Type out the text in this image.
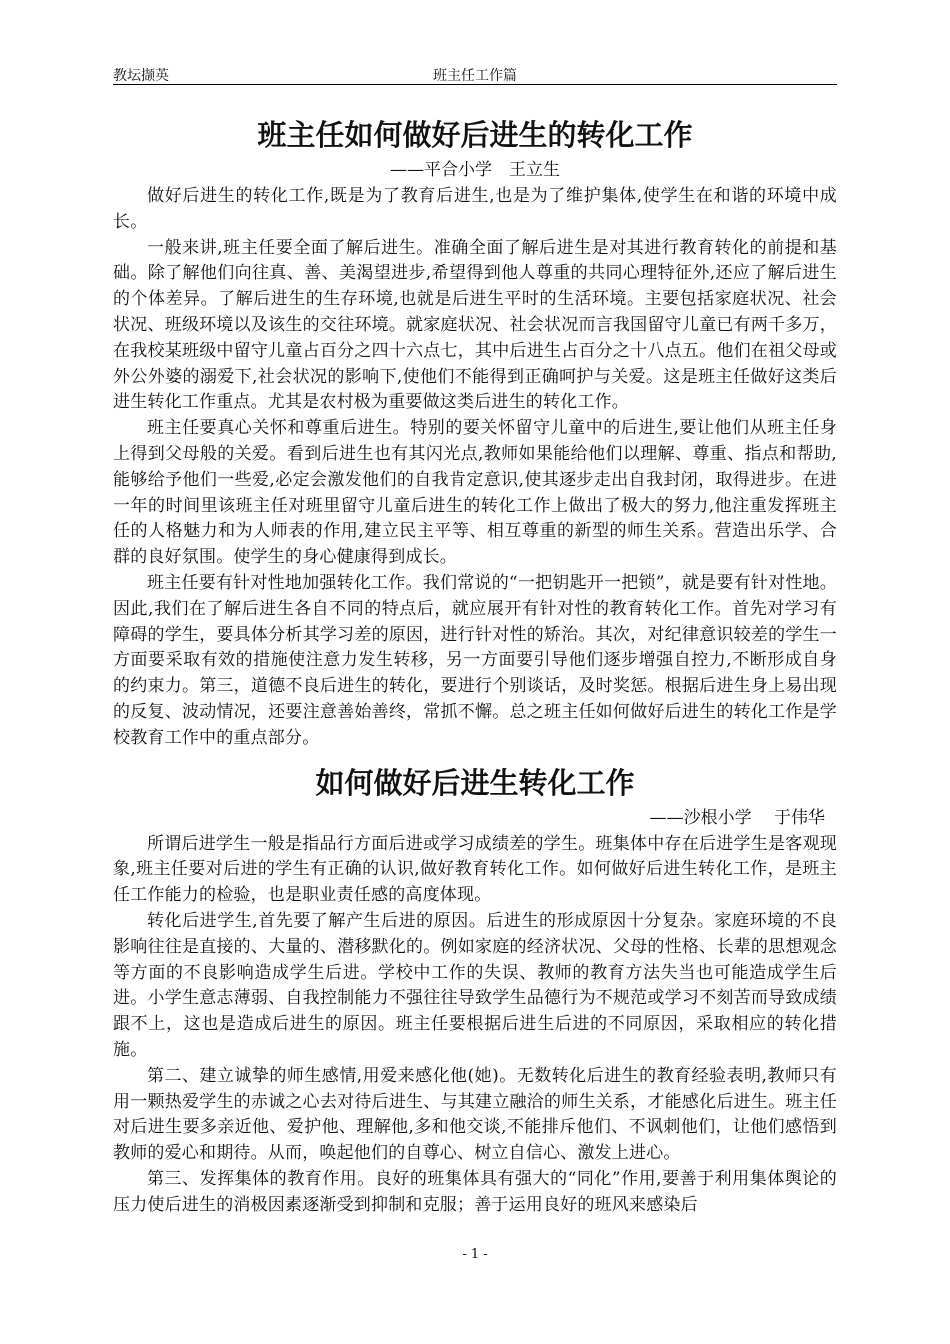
教坛撷英	班主任工作篇
班主任如何做好后进生的转化工作
——平合小学　王立生

做好后进生的转化工作,既是为了教育后进生,也是为了维护集体,使学生在和谐的环境中成长。

一般来讲,班主任要全面了解后进生。准确全面了解后进生是对其进行教育转化的前提和基础。除了解他们向往真、善、美渴望进步,希望得到他人尊重的共同心理特征外,还应了解后进生的个体差异。了解后进生的生存环境,也就是后进生平时的生活环境。主要包括家庭状况、社会状况、班级环境以及该生的交往环境。就家庭状况、社会状况而言我国留守儿童已有两千多万，在我校某班级中留守儿童占百分之四十六点七，其中后进生占百分之十八点五。他们在祖父母或外公外婆的溺爱下,社会状况的影响下,使他们不能得到正确呵护与关爱。这是班主任做好这类后进生转化工作重点。尤其是农村极为重要做这类后进生的转化工作。

班主任要真心关怀和尊重后进生。特别的要关怀留守儿童中的后进生,要让他们从班主任身上得到父母般的关爱。看到后进生也有其闪光点,教师如果能给他们以理解、尊重、指点和帮助,能够给予他们一些爱,必定会激发他们的自我肯定意识,使其逐步走出自我封闭，取得进步。在进一年的时间里该班主任对班里留守儿童后进生的转化工作上做出了极大的努力,他注重发挥班主任的人格魅力和为人师表的作用,建立民主平等、相互尊重的新型的师生关系。营造出乐学、合群的良好氛围。使学生的身心健康得到成长。

班主任要有针对性地加强转化工作。我们常说的“一把钥匙开一把锁”，就是要有针对性地。因此,我们在了解后进生各自不同的特点后，就应展开有针对性的教育转化工作。首先对学习有障碍的学生，要具体分析其学习差的原因，进行针对性的矫治。其次，对纪律意识较差的学生一方面要采取有效的措施使注意力发生转移，另一方面要引导他们逐步增强自控力,不断形成自身的约束力。第三，道德不良后进生的转化，要进行个别谈话，及时奖惩。根据后进生身上易出现的反复、波动情况，还要注意善始善终，常抓不懈。总之班主任如何做好后进生的转化工作是学校教育工作中的重点部分。

如何做好后进生转化工作
——沙根小学　 于伟华

所谓后进学生一般是指品行方面后进或学习成绩差的学生。班集体中存在后进学生是客观现象,班主任要对后进的学生有正确的认识,做好教育转化工作。如何做好后进生转化工作，是班主任工作能力的检验，也是职业责任感的高度体现。

转化后进学生,首先要了解产生后进的原因。后进生的形成原因十分复杂。家庭环境的不良影响往往是直接的、大量的、潜移默化的。例如家庭的经济状况、父母的性格、长辈的思想观念等方面的不良影响造成学生后进。学校中工作的失误、教师的教育方法失当也可能造成学生后进。小学生意志薄弱、自我控制能力不强往往导致学生品德行为不规范或学习不刻苦而导致成绩跟不上，这也是造成后进生的原因。班主任要根据后进生后进的不同原因，采取相应的转化措施。

第二、建立诚挚的师生感情,用爱来感化他(她)。无数转化后进生的教育经验表明,教师只有用一颗热爱学生的赤诚之心去对待后进生、与其建立融洽的师生关系，才能感化后进生。班主任对后进生要多亲近他、爱护他、理解他,多和他交谈,不能排斥他们、不讽刺他们，让他们感悟到教师的爱心和期待。从而，唤起他们的自尊心、树立自信心、激发上进心。

第三、发挥集体的教育作用。良好的班集体具有强大的“同化”作用,要善于利用集体舆论的压力使后进生的消极因素逐渐受到抑制和克服；善于运用良好的班风来感染后

- 1 -
